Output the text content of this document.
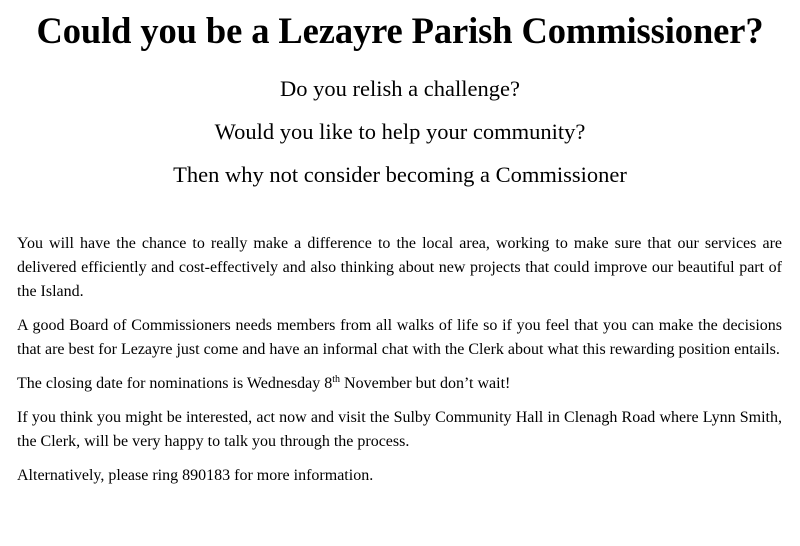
Could you be a Lezayre Parish Commissioner?

Do you relish a challenge?

Would you like to help your community?

Then why not consider becoming a Commissioner

You will have the chance to really make a difference to the local area, working to make sure that our services are delivered efficiently and cost-effectively and also thinking about new projects that could improve our beautiful part of the Island.

A good Board of Commissioners needs members from all walks of life so if you feel that you can make the decisions that are best for Lezayre just come and have an informal chat with the Clerk about what this rewarding position entails.

The closing date for nominations is Wednesday 8th November but don’t wait!

If you think you might be interested, act now and visit the Sulby Community Hall in Clenagh Road where Lynn Smith, the Clerk, will be very happy to talk you through the process.

Alternatively, please ring 890183 for more information.
